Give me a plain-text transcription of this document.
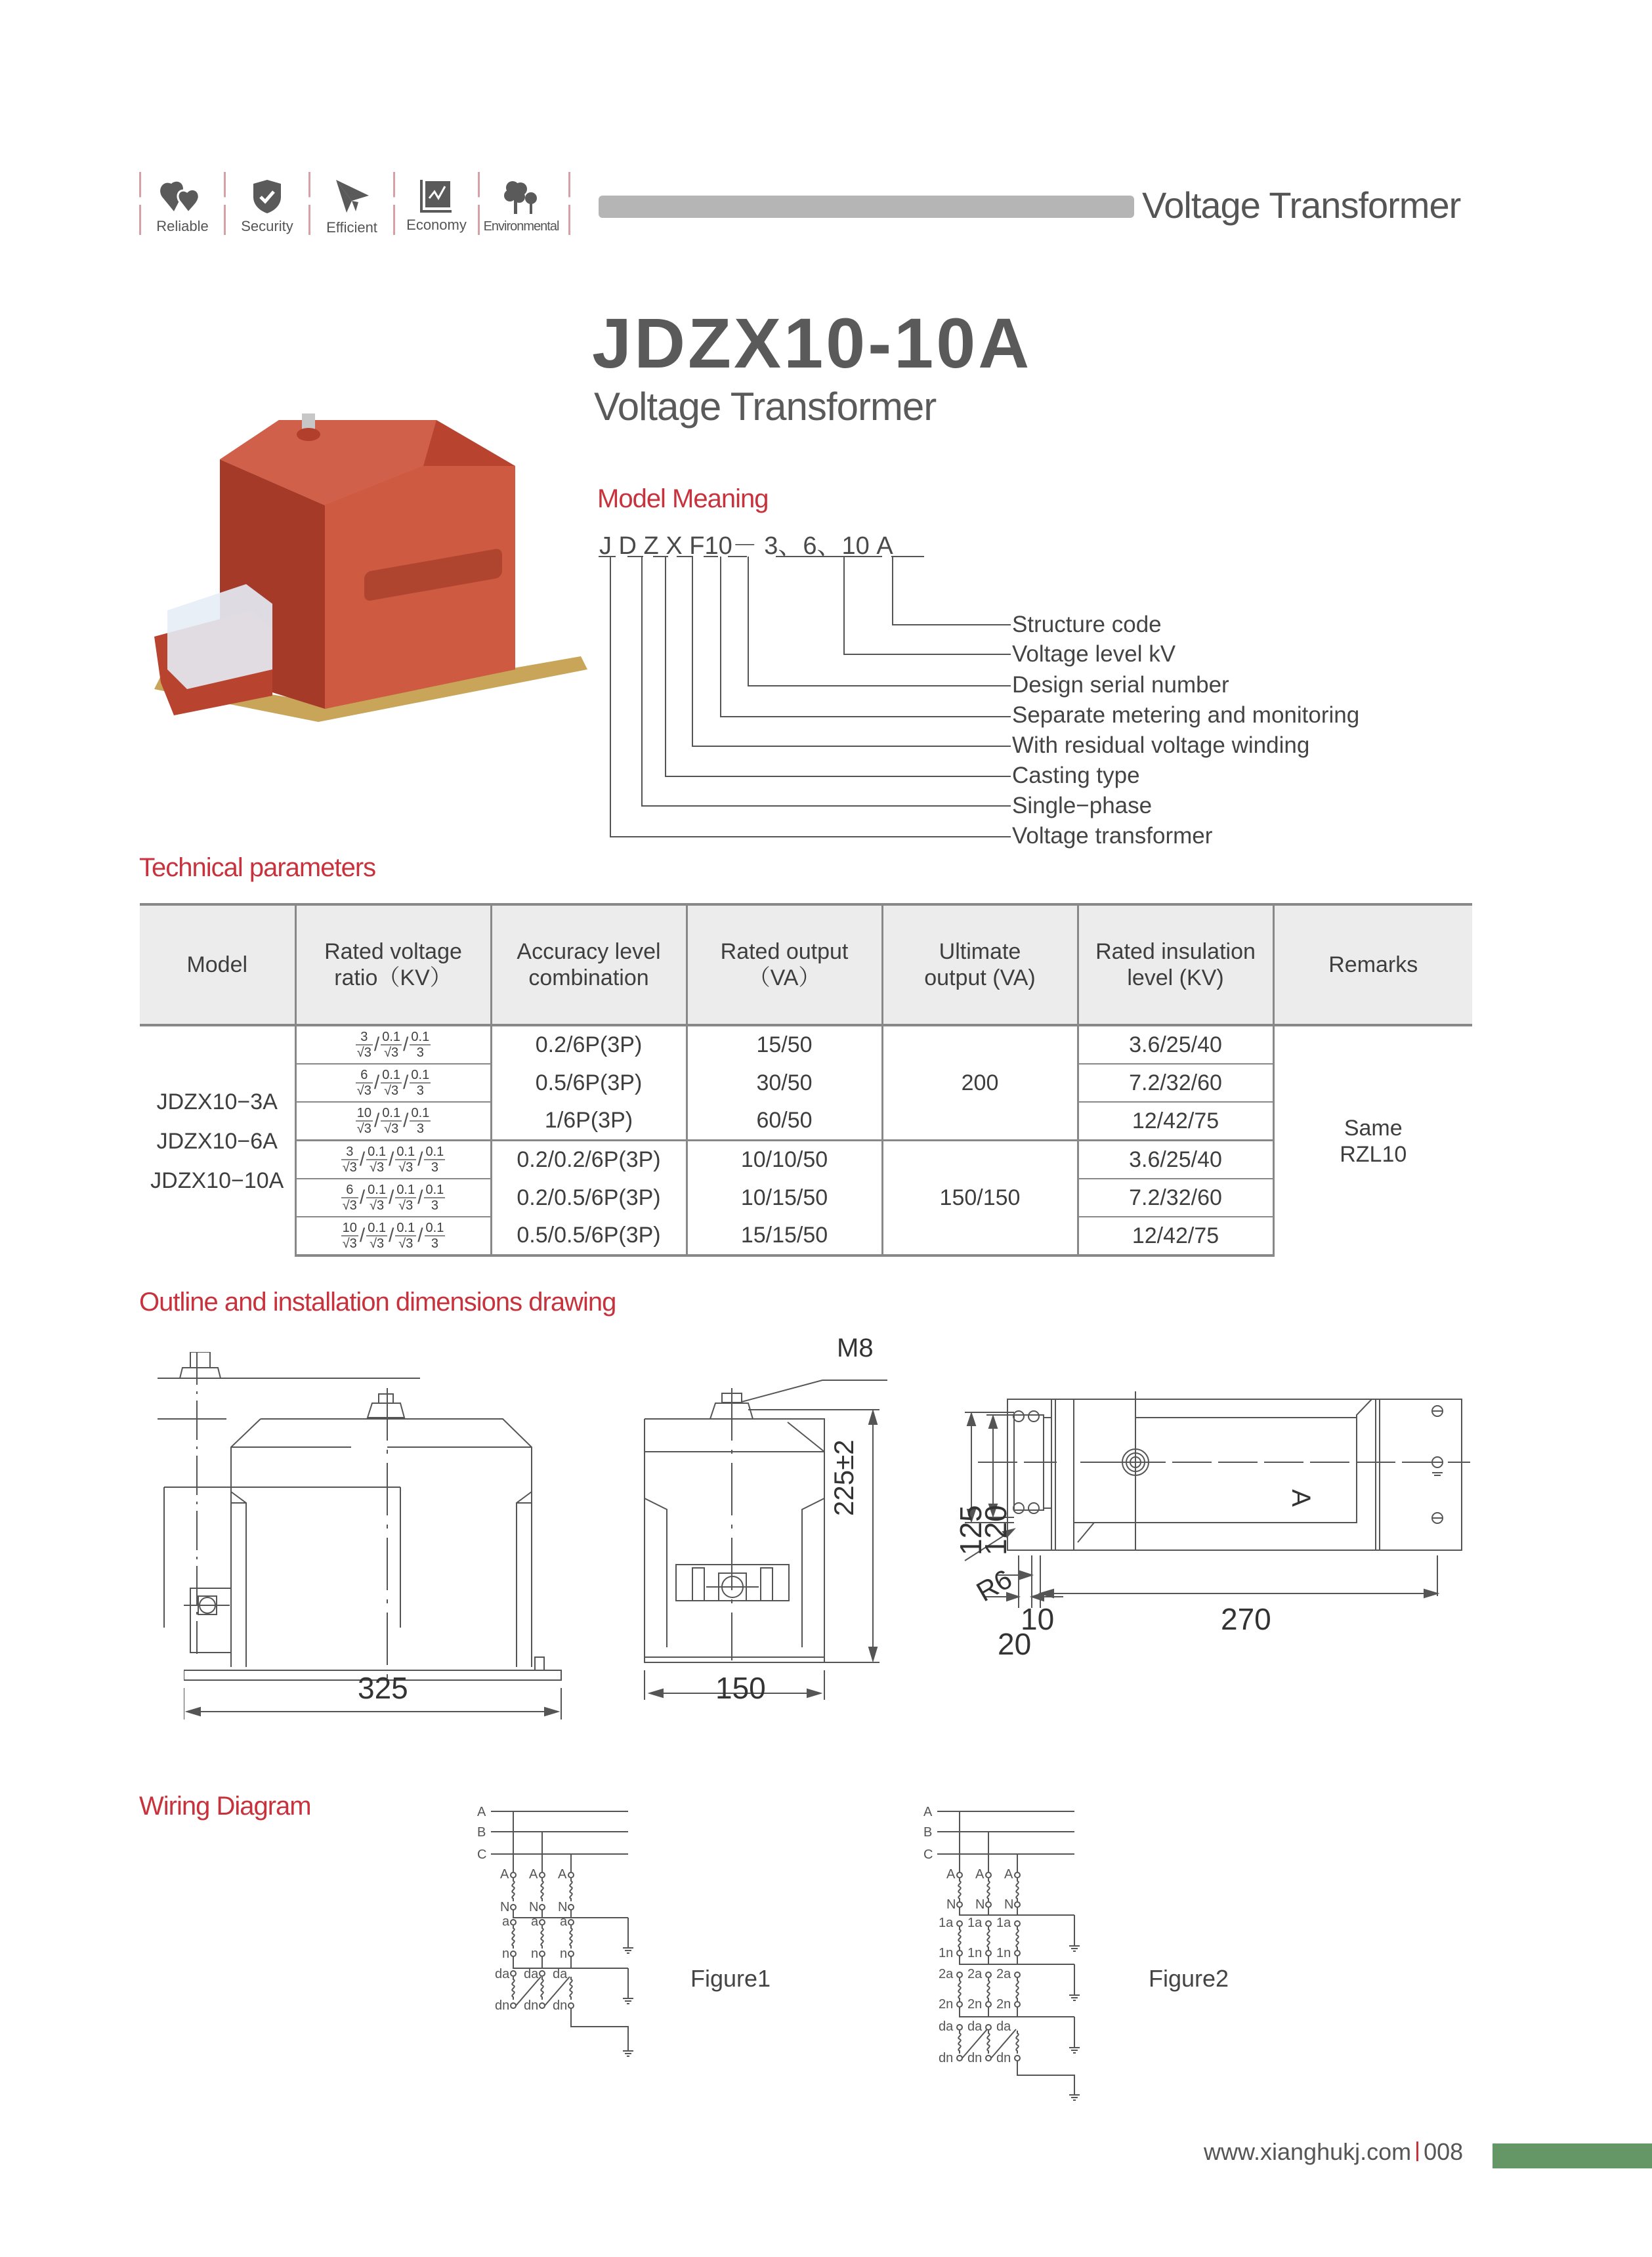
Reliable	Security	Efficient	Economy	Environmental
Voltage Transformer
JDZX10-10A
Voltage Transformer
Model Meaning
J D Z X F10－ 3、6、10 A
Structure code
Voltage level kV
Design serial number
Separate metering and monitoring
With residual voltage winding
Casting type
Single−phase
Voltage transformer
Technical parameters
Model	Rated voltage ratio（KV）	Accuracy level combination	Rated output（VA）	Ultimate output (VA)	Rated insulation level (KV)	Remarks

JDZX10−3A
JDZX10−6A
JDZX10−10A

$\frac{3}{√3} / \frac{0.1}{√3} / \frac{0.1}{3}$	0.2/6P(3P)	15/50	200	3.6/25/40	
Same
RZL10

$\frac{6}{√3} / \frac{0.1}{√3} / \frac{0.1}{3}$	0.5/6P(3P)	30/50	7.2/32/60

$\frac{10}{√3} / \frac{0.1}{√3} / \frac{0.1}{3}$	1/6P(3P)	60/50	12/42/75

$\frac{3}{√3} / \frac{0.1}{√3} / \frac{0.1}{√3} / \frac{0.1}{3}$	0.2/0.2/6P(3P)	10/10/50	150/150	3.6/25/40

$\frac{6}{√3} / \frac{0.1}{√3} / \frac{0.1}{√3} / \frac{0.1}{3}$	0.2/0.5/6P(3P)	10/15/50	7.2/32/60

$\frac{10}{√3} / \frac{0.1}{√3} / \frac{0.1}{√3} / \frac{0.1}{3}$	0.5/0.5/6P(3P)	15/15/50	12/42/75
Outline and installation dimensions drawing
325
M8
225±2
150
125
120
R6
10
20
270
A
Wiring Diagram	A
B
C
A A A
N N N
a a a
n n n
da da da
dn dn dn
Figure1
A
B
C
A A A
N N N
1a 1a 1a
1n 1n 1n
2a 2a 2a
2n 2n 2n
da da da
dn dn dn
Figure2
www.xianghukj.com 008
